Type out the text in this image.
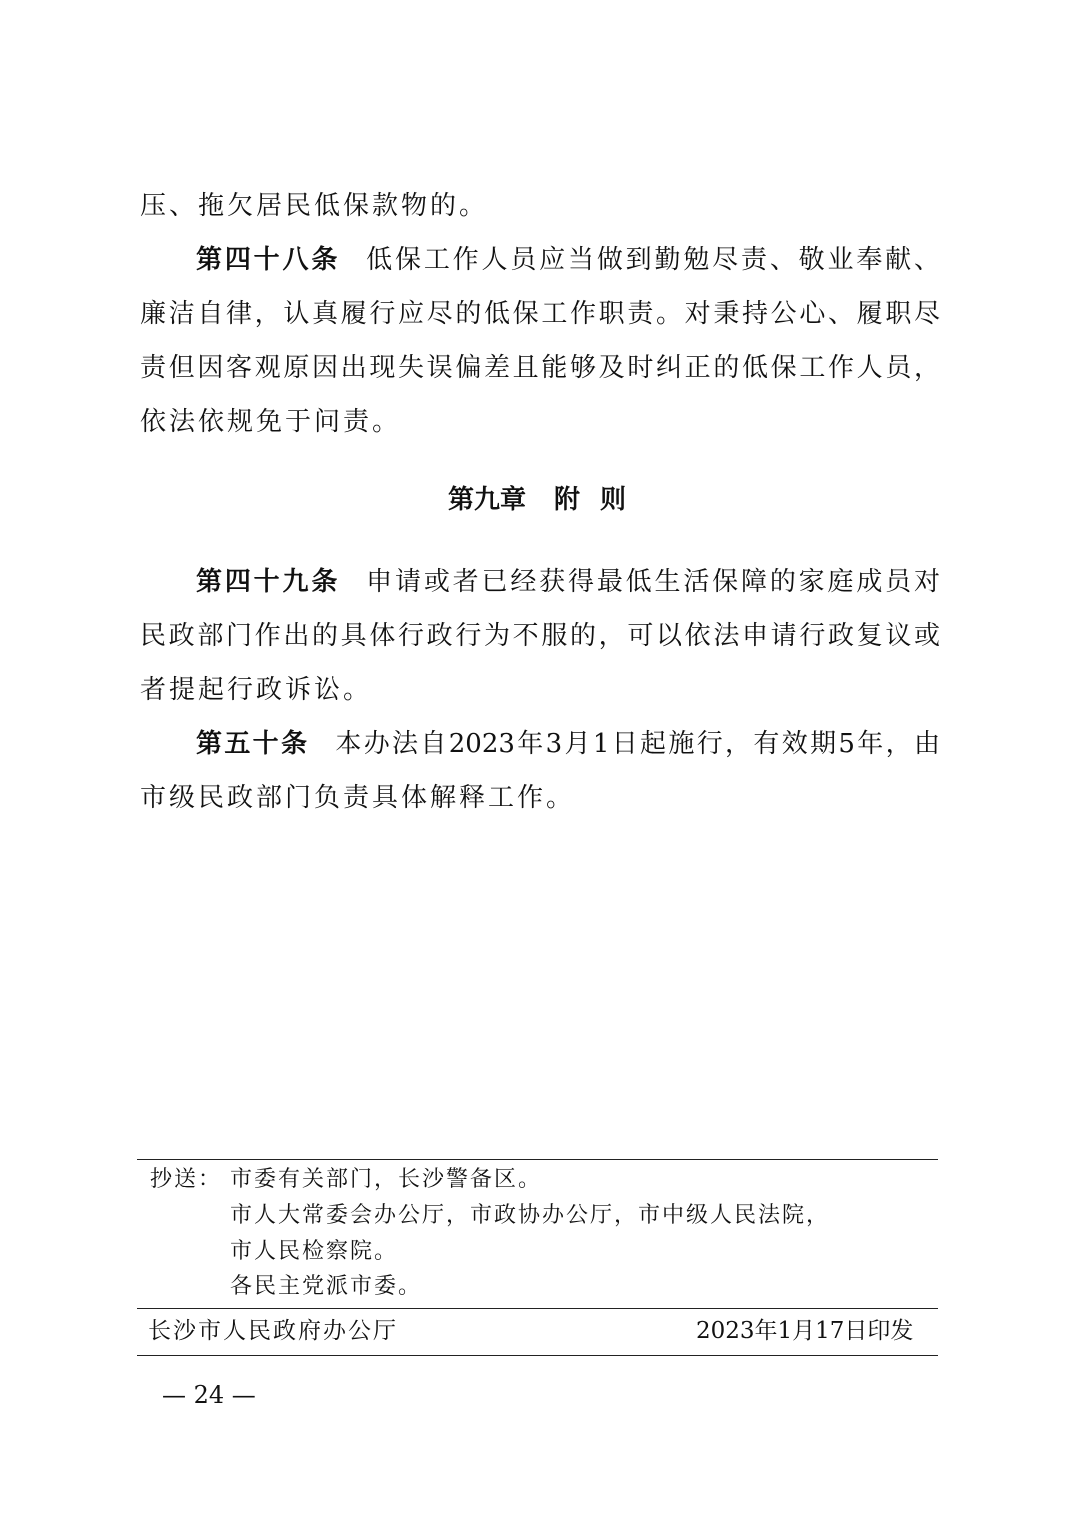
压、拖欠居民低保款物的。
第四十八条 低保工作人员应当做到勤勉尽责、敬业奉献、
廉洁自律，认真履行应尽的低保工作职责。对秉持公心、履职尽
责但因客观原因出现失误偏差且能够及时纠正的低保工作人员，
依法依规免于问责。
第九章 附 则
第四十九条 申请或者已经获得最低生活保障的家庭成员对
民政部门作出的具体行政行为不服的，可以依法申请行政复议或
者提起行政诉讼。
第五十条 本办法自2023年3月1日起施行，有效期5年，由
市级民政部门负责具体解释工作。
抄送： 市委有关部门，长沙警备区。
市人大常委会办公厅，市政协办公厅，市中级人民法院，
市人民检察院。
各民主党派市委。
长沙市人民政府办公厅	2023年1月17日印发
— 24 —
